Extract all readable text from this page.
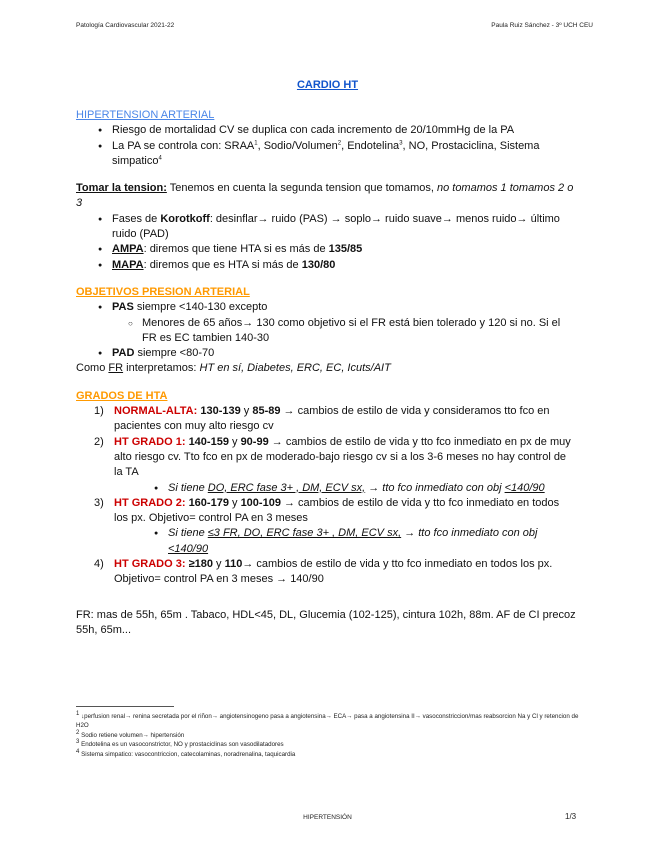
Patología Cardiovascular 2021-22	Paula Ruiz Sánchez - 3º UCH CEU
CARDIO HT

HIPERTENSION ARTERIAL

● Riesgo de mortalidad CV se duplica con cada incremento de 20/10mmHg de la PA
● La PA se controla con: SRAA$^1$, Sodio/Volumen$^2$, Endotelina$^3$, NO, Prostaciclina, Sistema simpatico$^4$

Tomar la tension: Tenemos en cuenta la segunda tension que tomamos, no tomamos 1 tomamos 2 o 3

● Fases de Korotkoff: desinflar→ ruido (PAS) → soplo→ ruido suave→ menos ruido→ último ruido (PAD)
● AMPA: diremos que tiene HTA si es más de 135/85
● MAPA: diremos que es HTA si más de 130/80

OBJETIVOS PRESION ARTERIAL

● PAS siempre <140-130 excepto
○ Menores de 65 años→ 130 como objetivo si el FR está bien tolerado y 120 si no. Si el FR es EC tambien 140-30
● PAD siempre <80-70

Como FR interpretamos: HT en sí, Diabetes, ERC, EC, Icuts/AIT

GRADOS DE HTA

1) NORMAL-ALTA: 130-139 y 85-89 → cambios de estilo de vida y consideramos tto fco en pacientes con muy alto riesgo cv
2) HT GRADO 1: 140-159 y 90-99 → cambios de estilo de vida y tto fco inmediato en px de muy alto riesgo cv. Tto fco en px de moderado-bajo riesgo cv si a los 3-6 meses no hay control de la TA
● Si tiene DO, ERC fase 3+ , DM, ECV sx, → tto fco inmediato con obj <140/90
3) HT GRADO 2: 160-179 y 100-109 → cambios de estilo de vida y tto fco inmediato en todos los px. Objetivo= control PA en 3 meses
● Si tiene ≤3 FR, DO, ERC fase 3+ , DM, ECV sx, → tto fco inmediato con obj <140/90
4) HT GRADO 3: ≥180 y 110→ cambios de estilo de vida y tto fco inmediato en todos los px. Objetivo= control PA en 3 meses → 140/90

FR: mas de 55h, 65m . Tabaco, HDL<45, DL, Glucemia (102-125), cintura 102h, 88m. AF de CI precoz 55h, 65m...

$^1$ ↓perfusion renal→ renina secretada por el riñon→ angiotensinogeno pasa a angiotensina→ ECA→ pasa a angiotensina II→ vasoconstriccion/mas reabsorcion Na y Cl y retencion de H2O
$^2$ Sodio retiene volumen→ hipertensión
$^3$ Endotelina es un vasoconstrictor, NO y prostaciclinas son vasodilatadores
$^4$ Sistema simpatico: vasocontriccion, catecolaminas, noradrenalina, taquicardia
HIPERTENSIÓN	1/3
